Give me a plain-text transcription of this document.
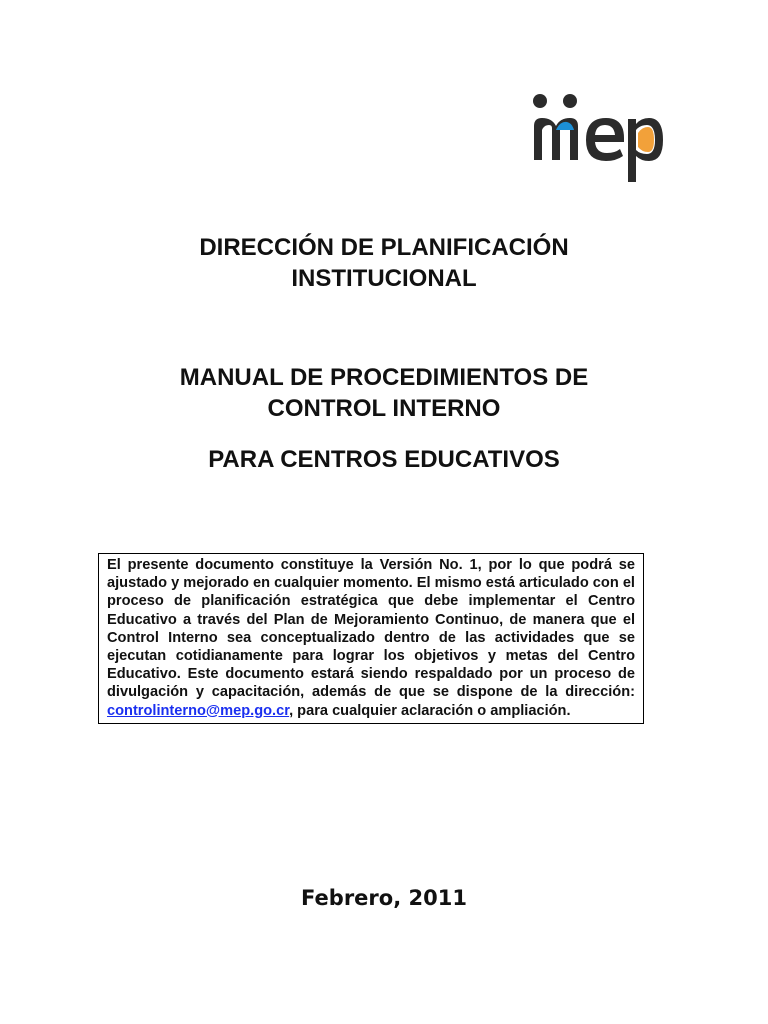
DIRECCIÓN DE PLANIFICACIÓN
INSTITUCIONAL
MANUAL DE PROCEDIMIENTOS DE
CONTROL INTERNO
PARA CENTROS EDUCATIVOS
El presente documento constituye la Versión No. 1, por lo que podrá se ajustado y mejorado en cualquier momento. El mismo está articulado con el proceso de planificación estratégica que debe implementar el Centro Educativo a través del Plan de Mejoramiento Continuo, de manera que el Control Interno sea conceptualizado dentro de las actividades que se ejecutan cotidianamente para lograr los objetivos y metas del Centro Educativo. Este documento estará siendo respaldado por un proceso de divulgación y capacitación, además de que se dispone de la dirección: controlinterno@mep.go.cr, para cualquier aclaración o ampliación.
Febrero, 2011
